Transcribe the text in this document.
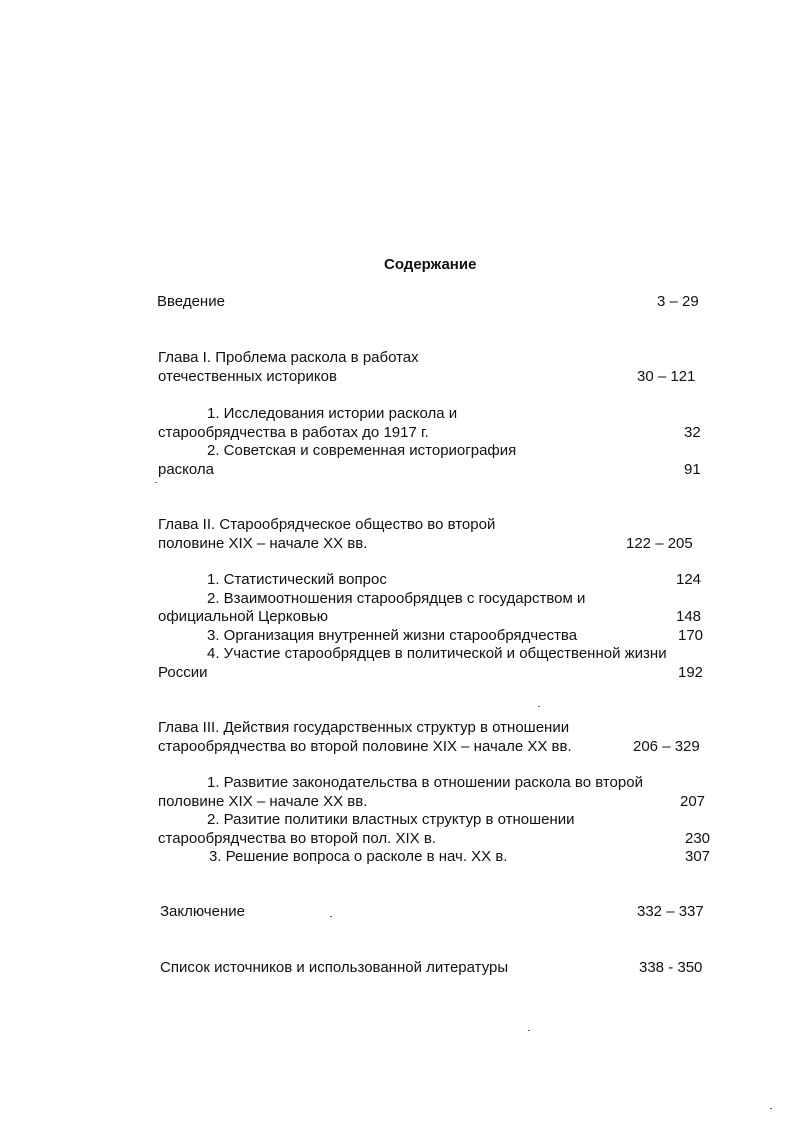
Содержание
Введение	3 – 29
Глава I. Проблема раскола в работах
отечественных историков	30 – 121
1. Исследования истории раскола и
старообрядчества в работах до 1917 г.	32
2. Советская и современная историография
раскола	91
Глава II. Старообрядческое общество во второй
половине XIX – начале XX вв.	122 – 205
1. Статистический вопрос	124
2. Взаимоотношения старообрядцев с государством и
официальной Церковью	148
3. Организация внутренней жизни старообрядчества	170
4. Участие старообрядцев в политической и общественной жизни
России	192
Глава III. Действия государственных структур в отношении
старообрядчества во второй половине XIX – начале XX вв.	206 – 329
1. Развитие законодательства в отношении раскола во второй
половине XIX – начале XX вв.	207
2. Разитие политики властных структур в отношении
старообрядчества во второй пол. XIX в.	230
3. Решение вопроса о расколе в нач. XX в.	307
Заключение	332 – 337
Список источников и использованной литературы	338 - 350
